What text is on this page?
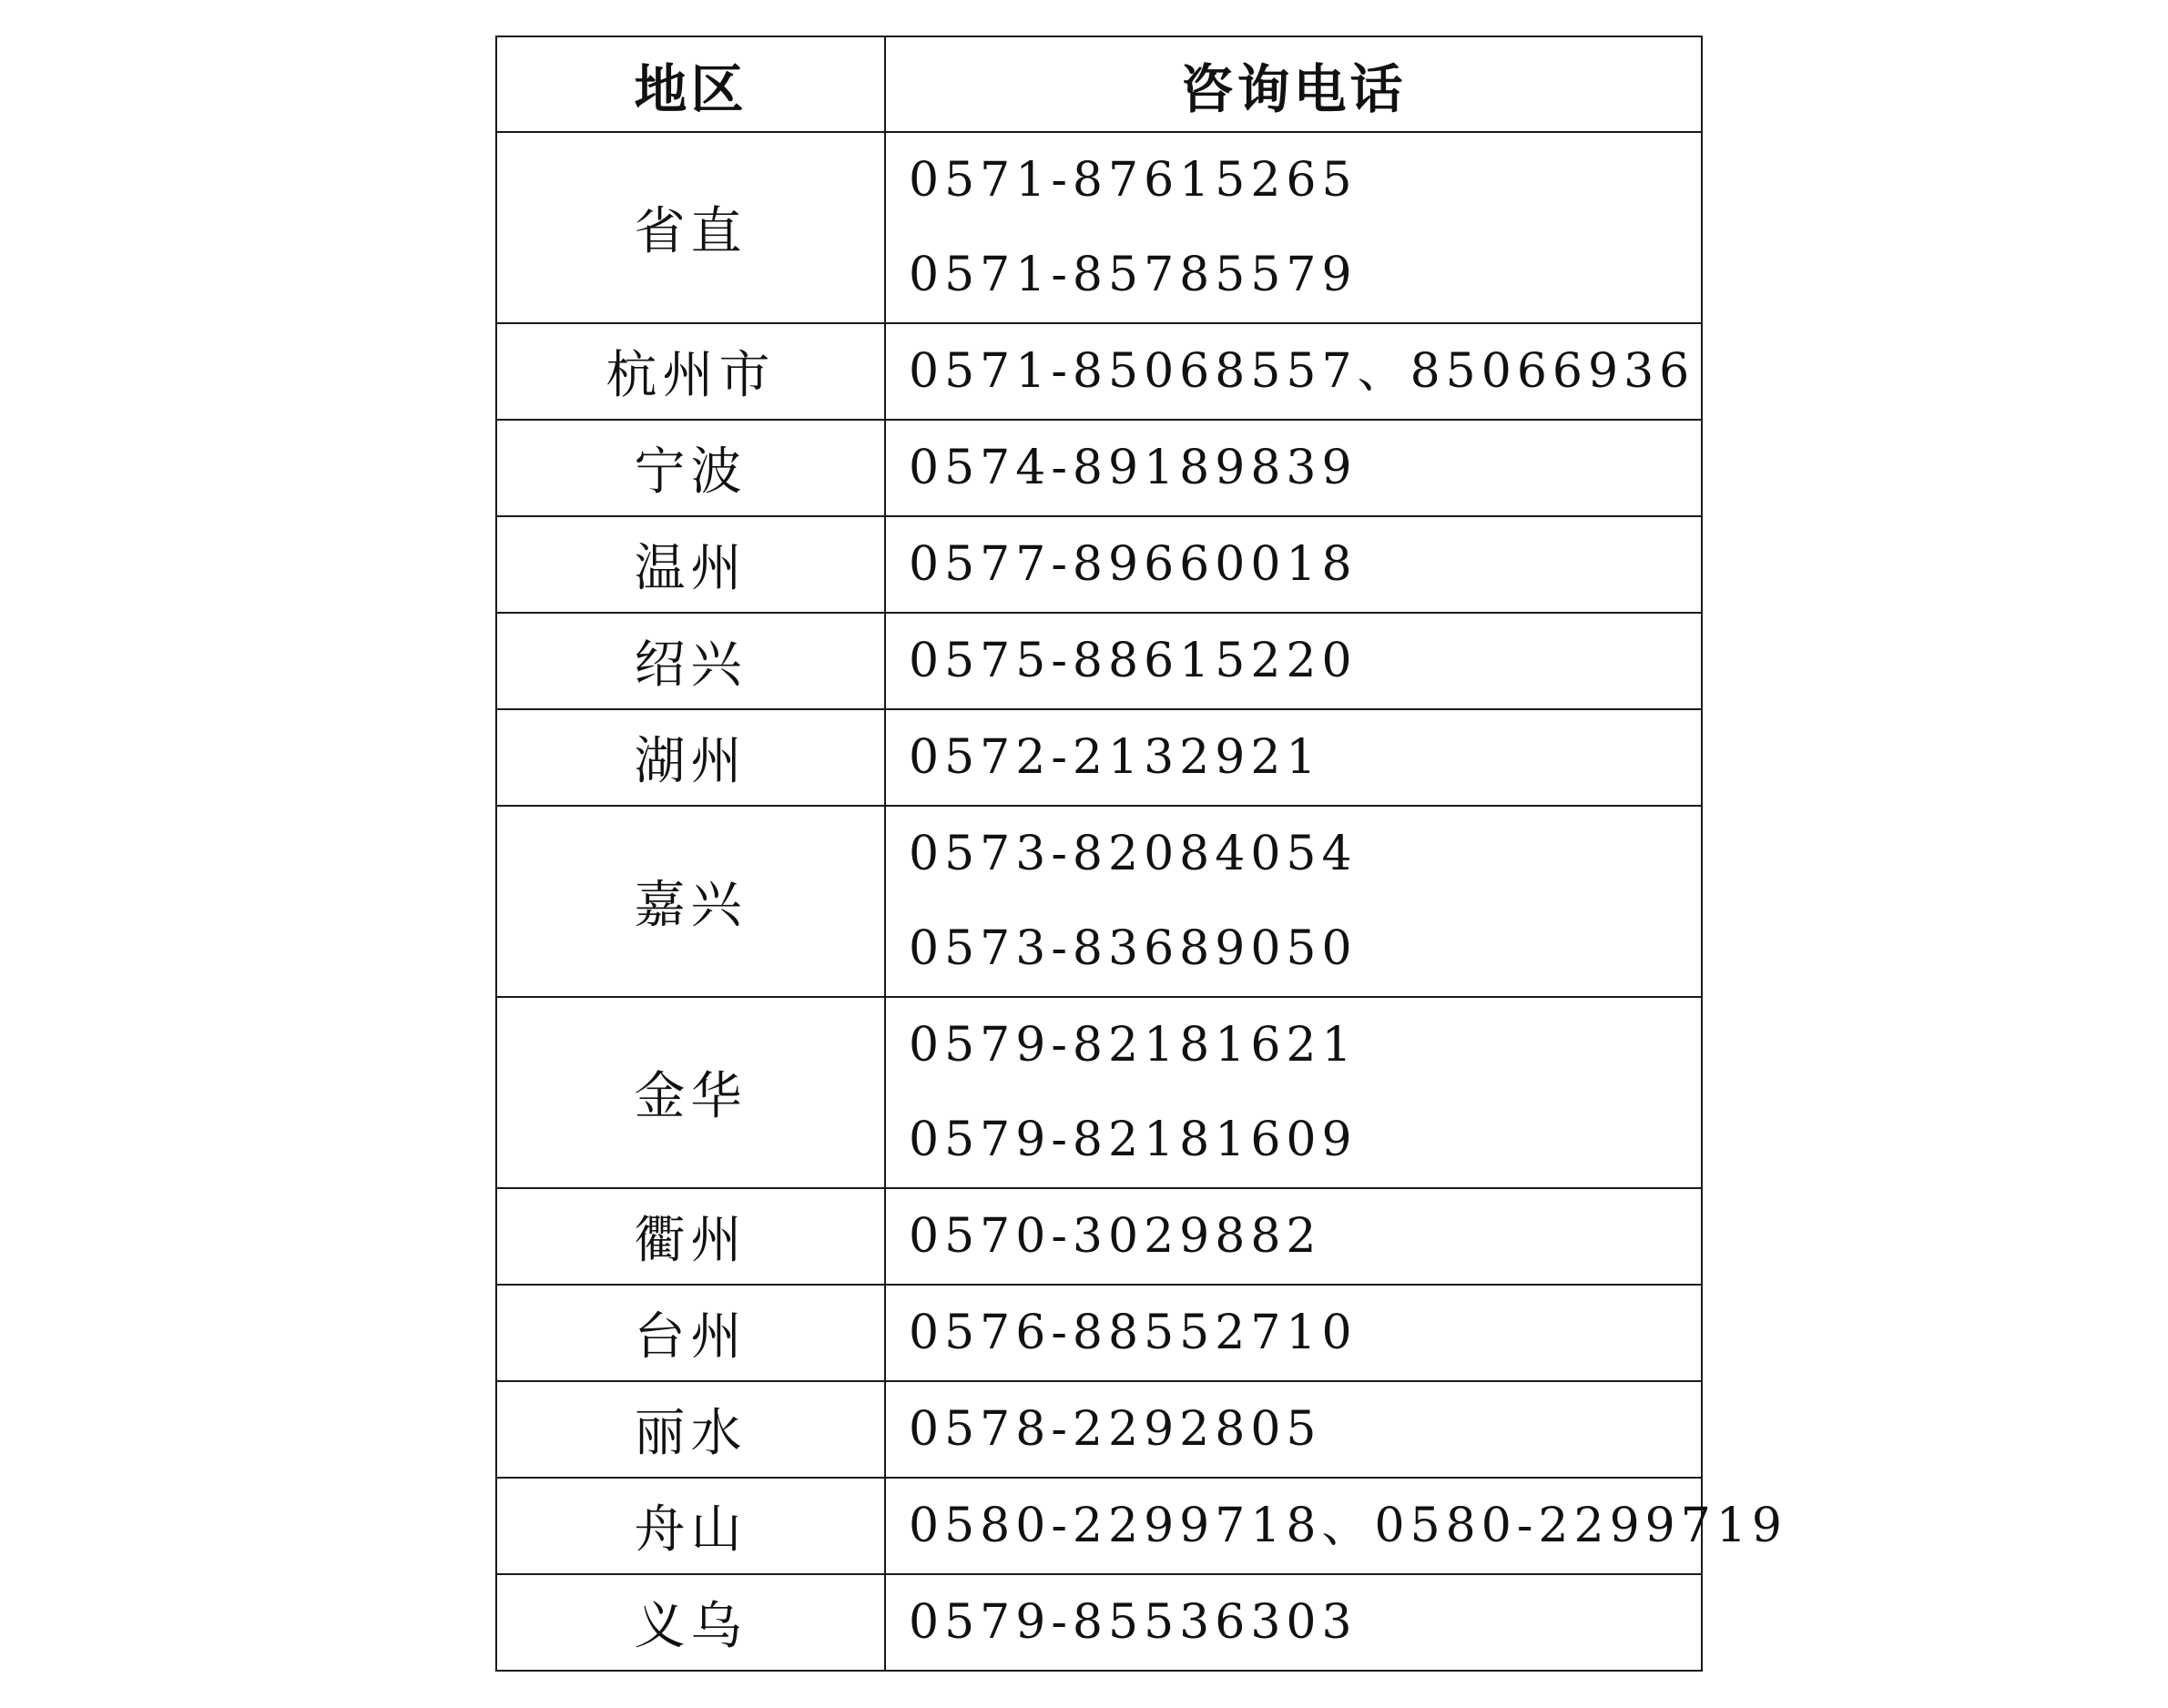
地区	咨询电话
省直	0571-87615265
0571-85785579

杭州市	0571-85068557、85066936

宁波	0574-89189839

温州	0577-89660018

绍兴	0575-88615220

湖州	0572-2132921

嘉兴	0573-82084054
0573-83689050

金华	0579-82181621
0579-82181609

衢州	0570-3029882

台州	0576-88552710

丽水	0578-2292805

舟山	0580-2299718、0580-2299719

义乌	0579-85536303
